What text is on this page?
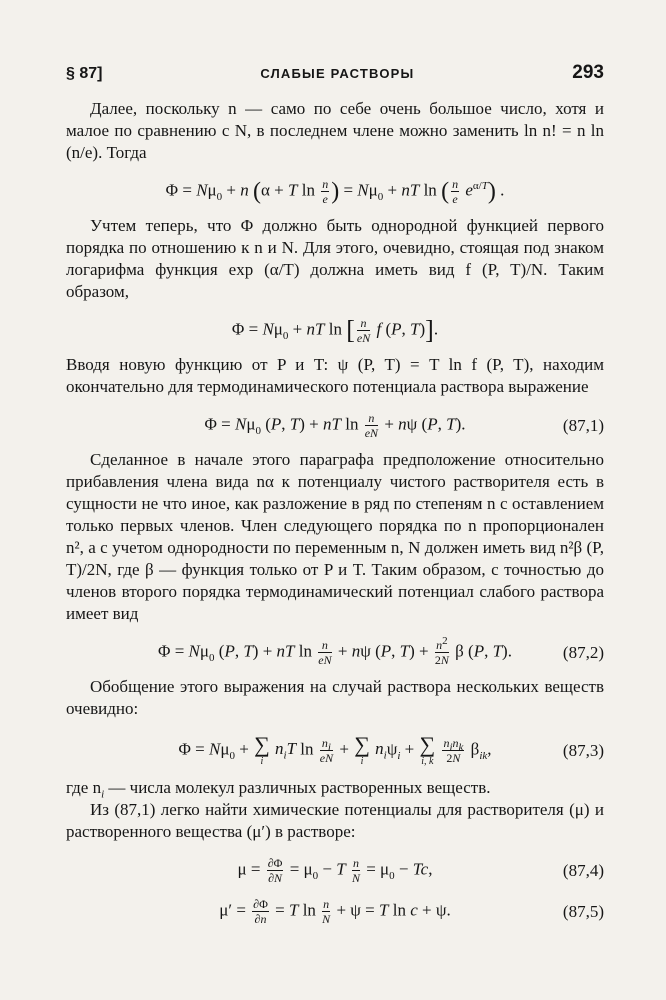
§ 87]	СЛАБЫЕ РАСТВОРЫ	293

Далее, поскольку n — само по себе очень большое число, хотя и малое по сравнению с N, в последнем члене можно заменить ln n! = n ln (n/e). Тогда

$\Phi = N\mu_0 + n$ (α + T $\ln \frac{n}{e}$ ) = $N\mu_0$ + nT ln ( $\frac{n}{e} e^{\alpha/T}$) .

Учтем теперь, что Φ должно быть однородной функцией первого порядка по отношению к n и N. Для этого, очевидно, стоящая под знаком логарифма функция exp (α/T) должна иметь вид f (P, T)/N. Таким образом,

$\Phi = N\mu_0$ + nT ln [ $\frac{n}{eN}$ f (P, T)].

Вводя новую функцию от P и T: ψ (P, T) = T ln f (P, T), находим окончательно для термодинамического потенциала раствора выражение

$\Phi = N\mu_0$ (P, T) + nT $\ln \frac{n}{eN} + n\psi$ (P, T).	(87,1)

Сделанное в начале этого параграфа предположение относительно прибавления члена вида nα к потенциалу чистого растворителя есть в сущности не что иное, как разложение в ряд по степеням n с оставлением только первых членов. Член следующего порядка по n пропорционален n², а с учетом однородности по переменным n, N должен иметь вид n²β (P, T)/2N, где β — функция только от P и T. Таким образом, с точностью до членов второго порядка термодинамический потенциал слабого раствора имеет вид

$\Phi = N\mu_0$ (P, T) + nT $\ln \frac{n}{eN} + n\psi$ (P, $T) + \frac{n^2}{2N}$ β (P, T).	(87,2)

Обобщение этого выражения на случай раствора нескольких веществ очевидно:

$\Phi = N\mu_0$ + ∑
i
$n_iT$ $\ln \frac{n_i}{eN}$ + ∑
i
$n_i\psi_i$ + ∑
i, k

$n_in_k$
2N $\beta_{ik}$,	(87,3)

где $n_i$ — числа молекул различных растворенных веществ.

Из (87,1) легко найти химические потенциалы для растворителя (μ) и растворенного вещества (μ′) в растворе:

$\mu = \frac{\partial\Phi}{\partial N} = \mu_0 - T \frac{n}{N} = \mu_0 - Tc$,	(87,4)
$\mu' = \frac{\partial\Phi}{\partial n} = T$ $\ln \frac{n}{N} + \psi = T$ ln c + ψ.	(87,5)
